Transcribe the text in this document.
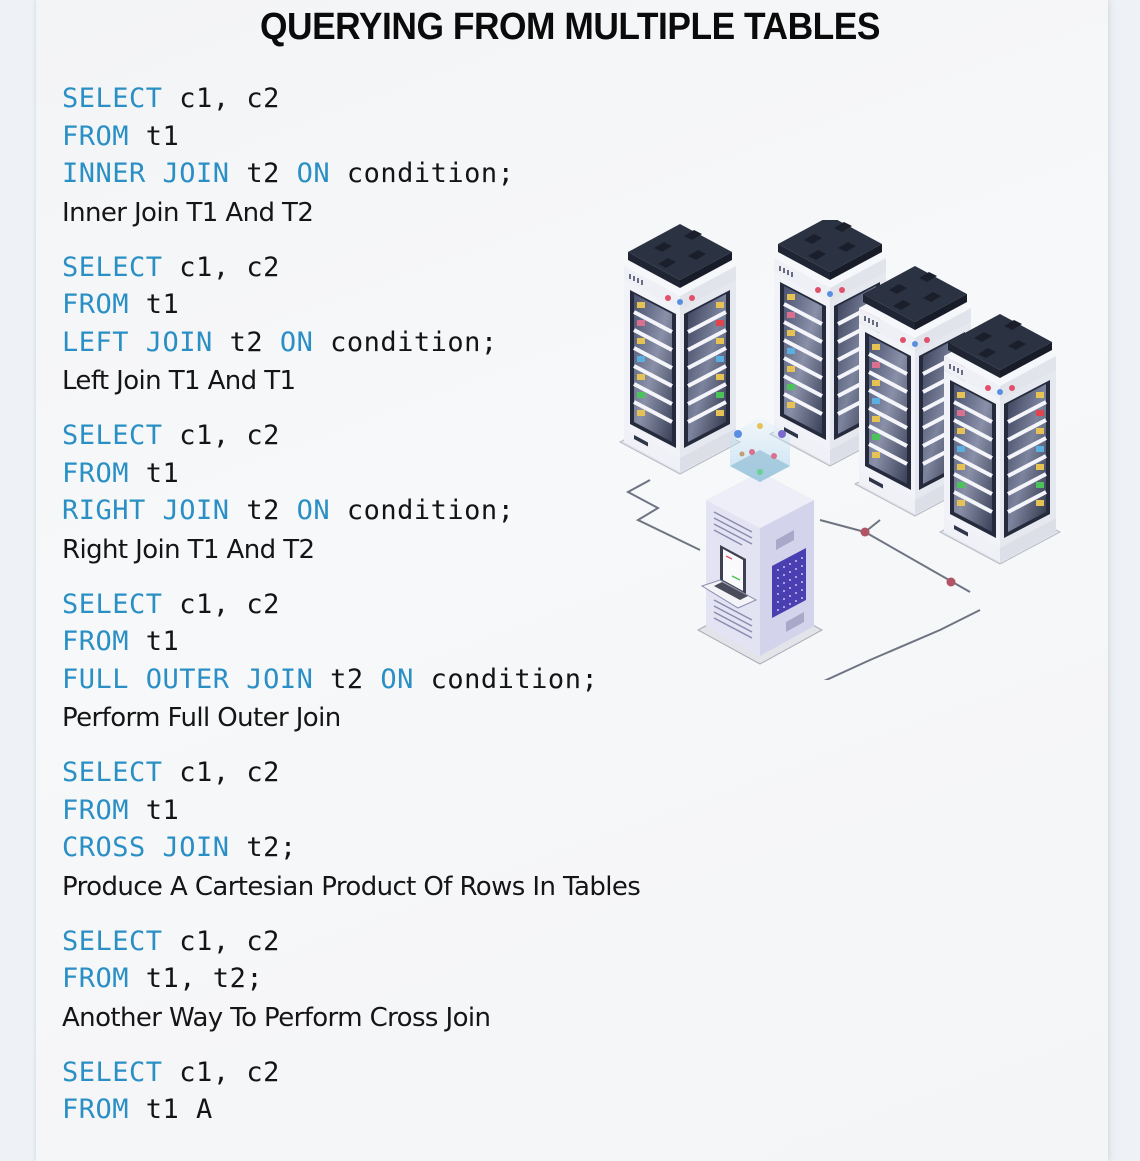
QUERYING FROM MULTIPLE TABLES
SELECT c1, c2
FROM t1
INNER JOIN t2 ON condition;
Inner Join T1 And T2
SELECT c1, c2
FROM t1
LEFT JOIN t2 ON condition;
Left Join T1 And T1
SELECT c1, c2
FROM t1
RIGHT JOIN t2 ON condition;
Right Join T1 And T2
SELECT c1, c2
FROM t1
FULL OUTER JOIN t2 ON condition;
Perform Full Outer Join
SELECT c1, c2
FROM t1
CROSS JOIN t2;
Produce A Cartesian Product Of Rows In Tables
SELECT c1, c2
FROM t1, t2;
Another Way To Perform Cross Join
SELECT c1, c2
FROM t1 A
